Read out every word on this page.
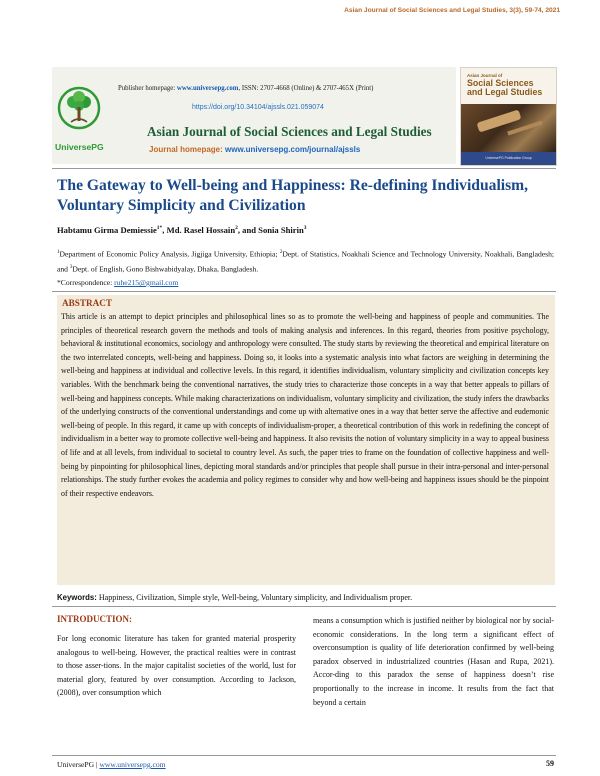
Asian Journal of Social Sciences and Legal Studies, 3(3), 59-74, 2021
UniversePG
Publisher homepage: www.universepg.com, ISSN: 2707-4668 (Online) & 2707-465X (Print)
https://doi.org/10.34104/ajssls.021.059074
Asian Journal of Social Sciences and Legal Studies
Journal homepage: www.universepg.com/journal/ajssls
Asian Journal of
Social Sciences
and Legal Studies
UniversePG Publication Group
The Gateway to Well-being and Happiness: Re-defining Individualism, Voluntary Simplicity and Civilization
Habtamu Girma Demiessie$^{1*}$, Md. Rasel Hossain$^2$, and Sonia Shirin$^3$
$^1$Department of Economic Policy Analysis, Jigjiga University, Ethiopia; $^2$Dept. of Statistics, Noakhali Science and Technology University, Noakhali, Bangladesh; and $^3$Dept. of English, Gono Bishwabidyalay, Dhaka, Bangladesh.
*Correspondence: ruhe215@gmail.com
ABSTRACT
This article is an attempt to depict principles and philosophical lines so as to promote the well-being and happiness of people and communities. The principles of theoretical research govern the methods and tools of making analysis and inferences. In this regard, theories from positive psychology, behavioral & institutional economics, sociology and anthropology were consulted. The study starts by reviewing the theoretical and empirical literature on the two interrelated concepts, well-being and happiness. Doing so, it looks into a systematic analysis into what factors are weighing in determining the well-being and happiness at individual and collective levels. In this regard, it identifies individualism, voluntary simplicity and civilization concepts key variables. With the benchmark being the conventional narratives, the study tries to characterize those concepts in a way that better appeals to pillars of well-being and happiness concepts. While making characterizations on individualism, voluntary simplicity and civilization, the study infers the drawbacks of the underlying constructs of the conventional understandings and come up with alternative ones in a way that better serve the affective and eudemonic well-being of people. In this regard, it came up with concepts of individualism-proper, a theoretical contribution of this work in redefining the concept of individualism in a better way to promote collective well-being and happiness. It also revisits the notion of voluntary simplicity in a way to appeal business of life and at all levels, from individual to societal to country level. As such, the paper tries to frame on the foundation of collective happiness and well-being by pinpointing for philosophical lines, depicting moral standards and/or principles that people shall pursue in their intra-personal and inter-personal relationships. The study further evokes the academia and policy regimes to consider why and how well-being and happiness issues should be the pinpoint of their respective endeavors.
Keywords: Happiness, Civilization, Simple style, Well-being, Voluntary simplicity, and Individualism proper.
INTRODUCTION:
For long economic literature has taken for granted material prosperity analogous to well-being. However, the practical realties were in contrast to those asser-tions. In the major capitalist societies of the world, lust for material glory, featured by over consumption. According to Jackson, (2008), over consumption which
means a consumption which is justified neither by biological nor by social-economic considerations. In the long term a significant effect of overconsumption is quality of life deterioration confirmed by well-being paradox observed in industrialized countries (Hasan and Rupa, 2021). Accor-ding to this paradox the sense of happiness doesn’t rise proportionally to the increase in income. It results from the fact that beyond a certain
UniversePG | www.universepg.com	59
